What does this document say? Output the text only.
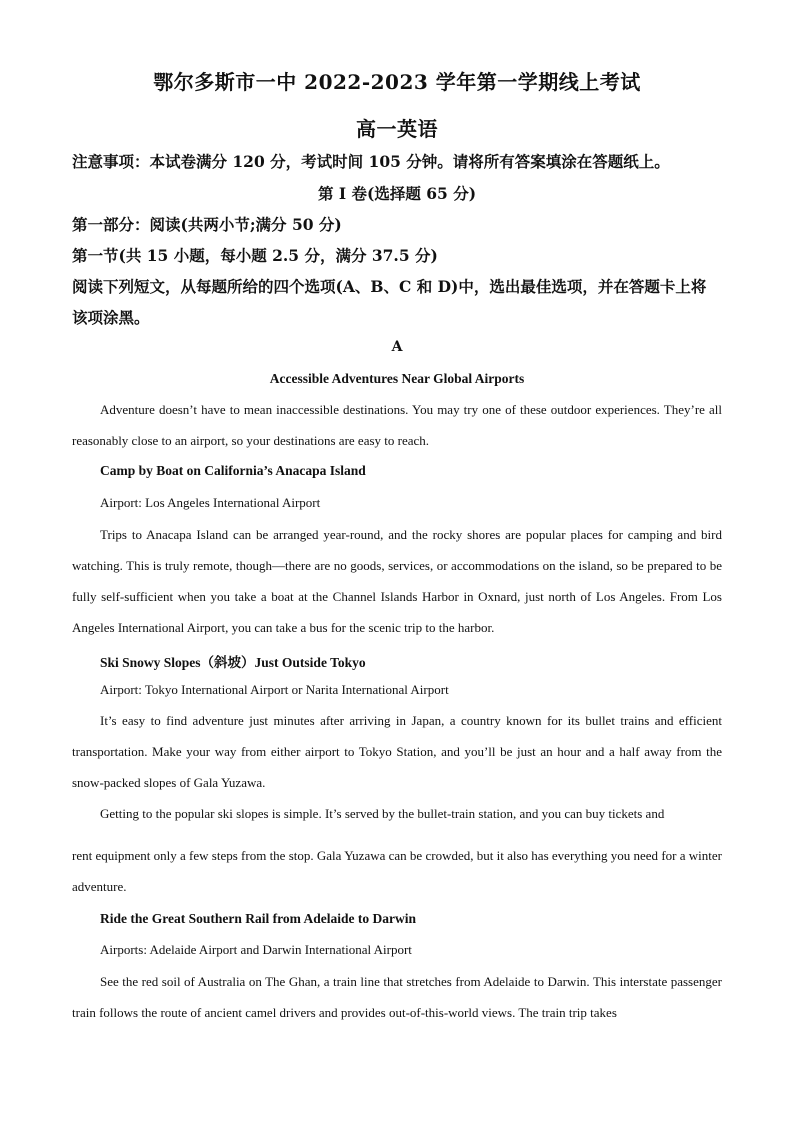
鄂尔多斯市一中 2022-2023 学年第一学期线上考试
高一英语
注意事项：本试卷满分 120 分，考试时间 105 分钟。请将所有答案填涂在答题纸上。
第 I 卷(选择题 65 分)
第一部分：阅读(共两小节;满分 50 分)
第一节(共 15 小题，每小题 2.5 分，满分 37.5 分)
阅读下列短文，从每题所给的四个选项(A、B、C 和 D)中，选出最佳选项，并在答题卡上将
该项涂黑。
A
Accessible Adventures Near Global Airports
Adventure doesn’t have to mean inaccessible destinations. You may try one of these outdoor experiences. They’re all reasonably close to an airport, so your destinations are easy to reach.
Camp by Boat on California’s Anacapa Island
Airport: Los Angeles International Airport
Trips to Anacapa Island can be arranged year-round, and the rocky shores are popular places for camping and bird watching. This is truly remote, though—there are no goods, services, or accommodations on the island, so be prepared to be fully self-sufficient when you take a boat at the Channel Islands Harbor in Oxnard, just north of Los Angeles. From Los Angeles International Airport, you can take a bus for the scenic trip to the harbor.
Ski Snowy Slopes（斜坡）Just Outside Tokyo
Airport: Tokyo International Airport or Narita International Airport
It’s easy to find adventure just minutes after arriving in Japan, a country known for its bullet trains and efficient transportation. Make your way from either airport to Tokyo Station, and you’ll be just an hour and a half away from the snow-packed slopes of Gala Yuzawa.
Getting to the popular ski slopes is simple. It’s served by the bullet-train station, and you can buy tickets and
rent equipment only a few steps from the stop. Gala Yuzawa can be crowded, but it also has everything you need for a winter adventure.
Ride the Great Southern Rail from Adelaide to Darwin
Airports: Adelaide Airport and Darwin International Airport
See the red soil of Australia on The Ghan, a train line that stretches from Adelaide to Darwin. This interstate passenger train follows the route of ancient camel drivers and provides out-of-this-world views. The train trip takes
